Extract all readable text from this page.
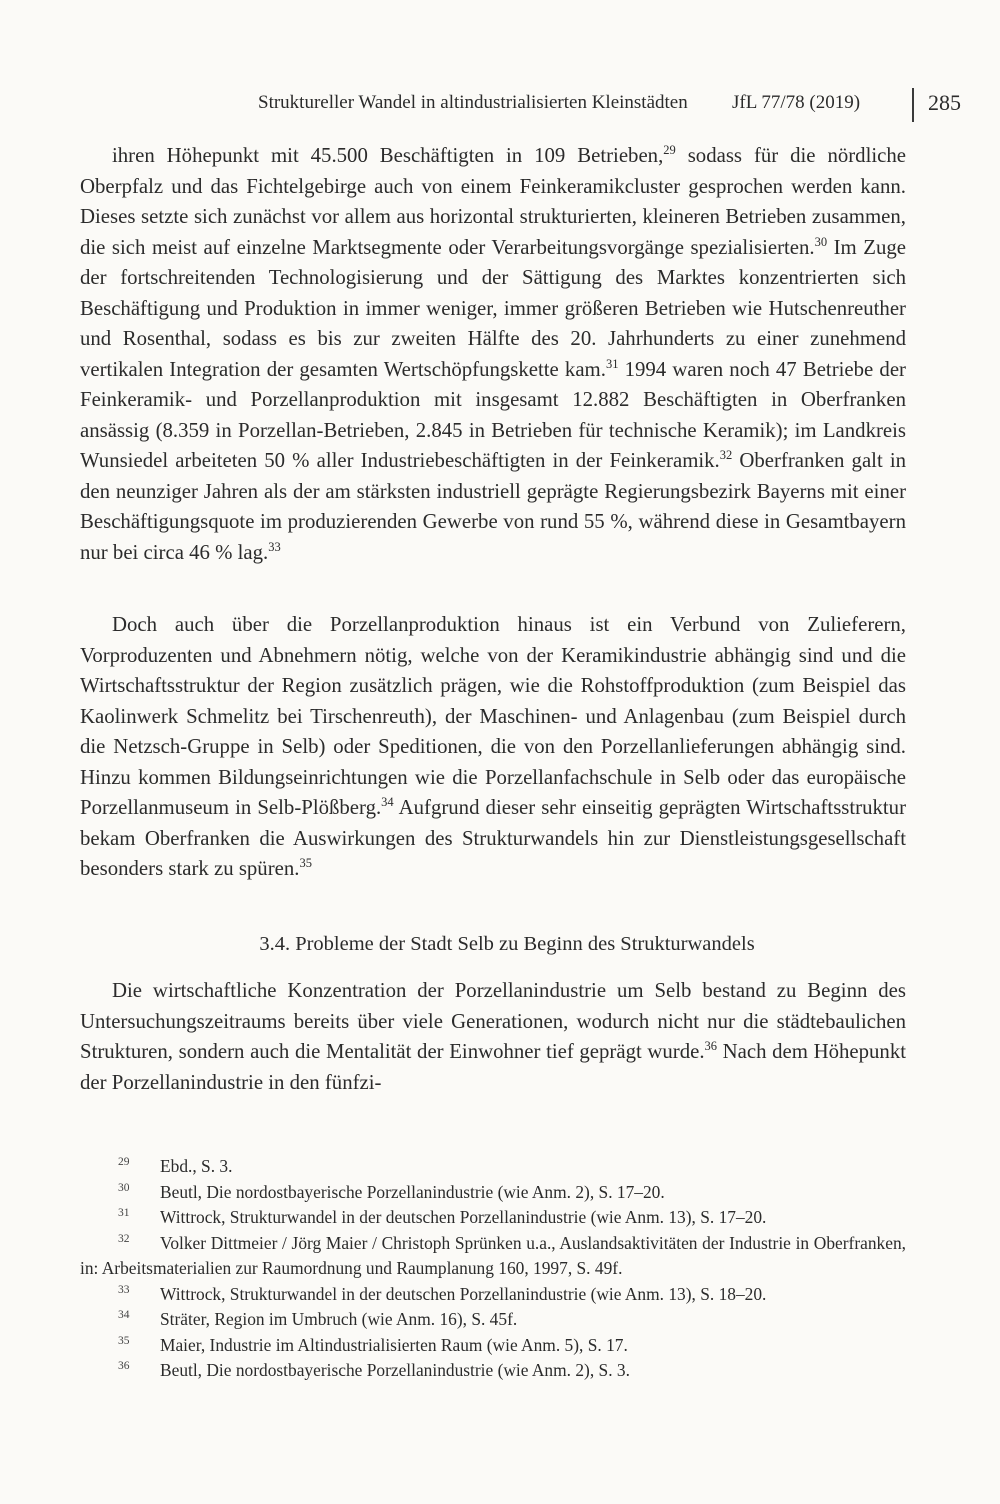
Struktureller Wandel in altindustrialisierten Kleinstädten JfL 77/78 (2019)	285
ihren Höhepunkt mit 45.500 Beschäftigten in 109 Betrieben,$^{29}$ sodass für die nördliche Oberpfalz und das Fichtelgebirge auch von einem Feinkeramikcluster gesprochen werden kann. Dieses setzte sich zunächst vor allem aus horizontal strukturierten, kleineren Betrieben zusammen, die sich meist auf einzelne Marktsegmente oder Verarbeitungsvorgänge spezialisierten.$^{30}$ Im Zuge der fortschreitenden Technologisierung und der Sättigung des Marktes konzentrierten sich Beschäftigung und Produktion in immer weniger, immer größeren Betrieben wie Hutschenreuther und Rosenthal, sodass es bis zur zweiten Hälfte des 20. Jahrhunderts zu einer zunehmend vertikalen Integration der gesamten Wertschöpfungskette kam.$^{31}$ 1994 waren noch 47 Betriebe der Feinkeramik- und Porzellanproduktion mit insgesamt 12.882 Beschäftigten in Oberfranken ansässig (8.359 in Porzellan-Betrieben, 2.845 in Betrieben für technische Keramik); im Landkreis Wunsiedel arbeiteten 50 % aller Industriebeschäftigten in der Feinkeramik.$^{32}$ Oberfranken galt in den neunziger Jahren als der am stärksten industriell geprägte Regierungsbezirk Bayerns mit einer Beschäftigungsquote im produzierenden Gewerbe von rund 55 %, während diese in Gesamtbayern nur bei circa 46 % lag.$^{33}$
Doch auch über die Porzellanproduktion hinaus ist ein Verbund von Zulieferern, Vorproduzenten und Abnehmern nötig, welche von der Keramikindustrie abhängig sind und die Wirtschaftsstruktur der Region zusätzlich prägen, wie die Rohstoffproduktion (zum Beispiel das Kaolinwerk Schmelitz bei Tirschenreuth), der Maschinen- und Anlagenbau (zum Beispiel durch die Netzsch-Gruppe in Selb) oder Speditionen, die von den Porzellanlieferungen abhängig sind. Hinzu kommen Bildungseinrichtungen wie die Porzellanfachschule in Selb oder das europäische Porzellanmuseum in Selb-Plößberg.$^{34}$ Aufgrund dieser sehr einseitig geprägten Wirtschaftsstruktur bekam Oberfranken die Auswirkungen des Strukturwandels hin zur Dienstleistungsgesellschaft besonders stark zu spüren.$^{35}$
3.4. Probleme der Stadt Selb zu Beginn des Strukturwandels
Die wirtschaftliche Konzentration der Porzellanindustrie um Selb bestand zu Beginn des Untersuchungszeitraums bereits über viele Generationen, wodurch nicht nur die städtebaulichen Strukturen, sondern auch die Mentalität der Einwohner tief geprägt wurde.$^{36}$ Nach dem Höhepunkt der Porzellanindustrie in den fünfzi-
29 Ebd., S. 3.
30 Beutl, Die nordostbayerische Porzellanindustrie (wie Anm. 2), S. 17–20.
31 Wittrock, Strukturwandel in der deutschen Porzellanindustrie (wie Anm. 13), S. 17–20.
32 Volker Dittmeier / Jörg Maier / Christoph Sprünken u.a., Auslandsaktivitäten der Industrie in Oberfranken, in: Arbeitsmaterialien zur Raumordnung und Raumplanung 160, 1997, S. 49f.
33 Wittrock, Strukturwandel in der deutschen Porzellanindustrie (wie Anm. 13), S. 18–20.
34 Sträter, Region im Umbruch (wie Anm. 16), S. 45f.
35 Maier, Industrie im Altindustrialisierten Raum (wie Anm. 5), S. 17.
36 Beutl, Die nordostbayerische Porzellanindustrie (wie Anm. 2), S. 3.
